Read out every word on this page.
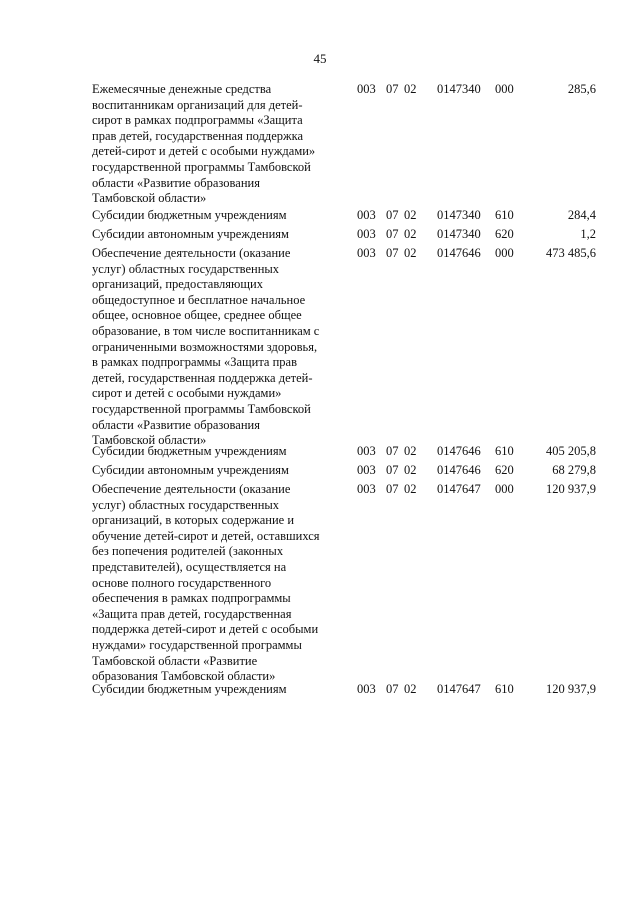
45
Ежемесячные денежные средства
воспитанникам организаций для детей-
сирот в рамках подпрограммы «Защита
прав детей, государственная поддержка
детей-сирот и детей с особыми нуждами»
государственной программы Тамбовской
области «Развитие образования
Тамбовской области»
003 07 02 0147340 000	285,6
Субсидии бюджетным учреждениям	003 07 02 0147340 610	284,4
Субсидии автономным учреждениям	003 07 02 0147340 620	1,2
Обеспечение деятельности (оказание
услуг) областных государственных
организаций, предоставляющих
общедоступное и бесплатное начальное
общее, основное общее, среднее общее
образование, в том числе воспитанникам с
ограниченными возможностями здоровья,
в рамках подпрограммы «Защита прав
детей, государственная поддержка детей-
сирот и детей с особыми нуждами»
государственной программы Тамбовской
области «Развитие образования
Тамбовской области»
003 07 02 0147646 000	473 485,6
Субсидии бюджетным учреждениям	003 07 02 0147646 610	405 205,8
Субсидии автономным учреждениям	003 07 02 0147646 620	68 279,8
Обеспечение деятельности (оказание
услуг) областных государственных
организаций, в которых содержание и
обучение детей-сирот и детей, оставшихся
без попечения родителей (законных
представителей), осуществляется на
основе полного государственного
обеспечения в рамках подпрограммы
«Защита прав детей, государственная
поддержка детей-сирот и детей с особыми
нуждами» государственной программы
Тамбовской области «Развитие
образования Тамбовской области»
003 07 02 0147647 000	120 937,9
Субсидии бюджетным учреждениям	003 07 02 0147647 610	120 937,9
